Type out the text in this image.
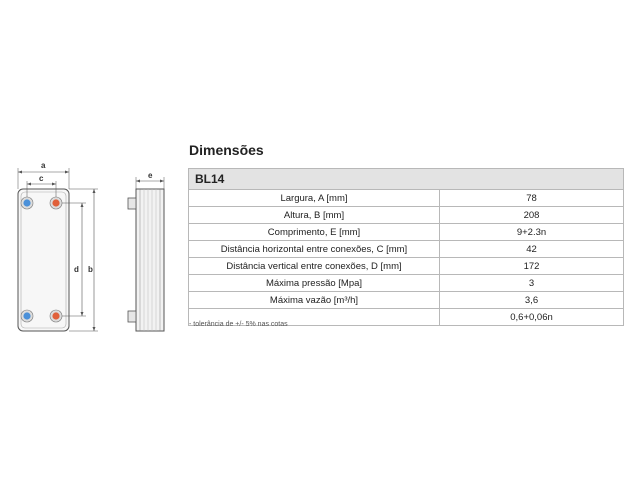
a
c
d b
e
Dimensões
BL14	
Largura, A [mm]	78
Altura, B [mm]	208
Comprimento, E [mm]	9+2.3n
Distância horizontal entre conexões, C [mm]	42
Distância vertical entre conexões, D [mm]	172
Máxima pressão [Mpa]	3
Máxima vazão [m³/h]	3,6
	0,6+0,06n
- tolerância de +/- 5% nas cotas
